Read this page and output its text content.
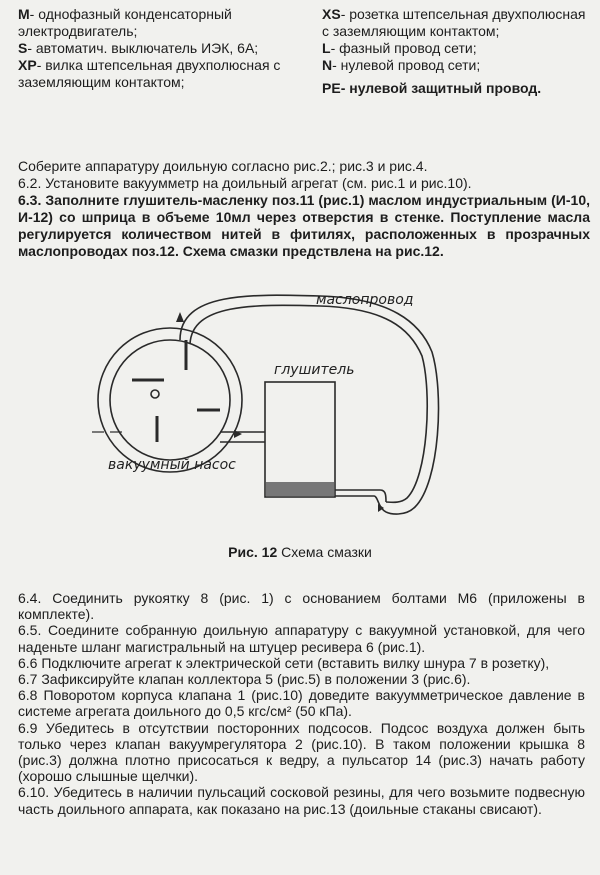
M- однофазный конденсаторный электродвигатель;

S- автоматич. выключатель ИЭК, 6А;

XP- вилка штепсельная двухполюсная с заземляющим контактом;

XS- розетка штепсельная двухполюсная с заземляющим контактом;

L- фазный провод сети;

N- нулевой провод сети;

PE- нулевой защитный провод.

Соберите аппаратуру доильную согласно рис.2.; рис.3 и рис.4.

6.2. Установите вакуумметр на доильный агрегат (см. рис.1 и рис.10).

6.3. Заполните глушитель-масленку поз.11 (рис.1) маслом индустриальным (И-10, И-12) со шприца в объеме 10мл через отверстия в стенке. Поступление масла регулируется количеством нитей в фитилях, расположенных в прозрачных маслопроводах поз.12. Схема смазки предствлена на рис.12.

маслопровод
глушитель
вакуумный насос
Рис. 12 Схема смазки

6.4. Соединить рукоятку 8 (рис. 1) с основанием болтами М6 (приложены в комплекте).

6.5. Соедините собранную доильную аппаратуру с вакуумной установкой, для чего наденьте шланг магистральный на штуцер ресивера 6 (рис.1).

6.6 Подключите агрегат к электрической сети (вставить вилку шнура 7 в розетку),

6.7 Зафиксируйте клапан коллектора 5 (рис.5) в положении 3 (рис.6).

6.8 Поворотом корпуса клапана 1 (рис.10) доведите вакуумметрическое давление в системе агрегата доильного до 0,5 кгс/см² (50 кПа).

6.9 Убедитесь в отсутствии посторонних подсосов. Подсос воздуха должен быть только через клапан вакуумрегулятора 2 (рис.10). В таком положении крышка 8 (рис.3) должна плотно присосаться к ведру, а пульсатор 14 (рис.3) начать работу (хорошо слышные щелчки).

6.10. Убедитесь в наличии пульсаций сосковой резины, для чего возьмите подвесную часть доильного аппарата, как показано на рис.13 (доильные стаканы свисают).
